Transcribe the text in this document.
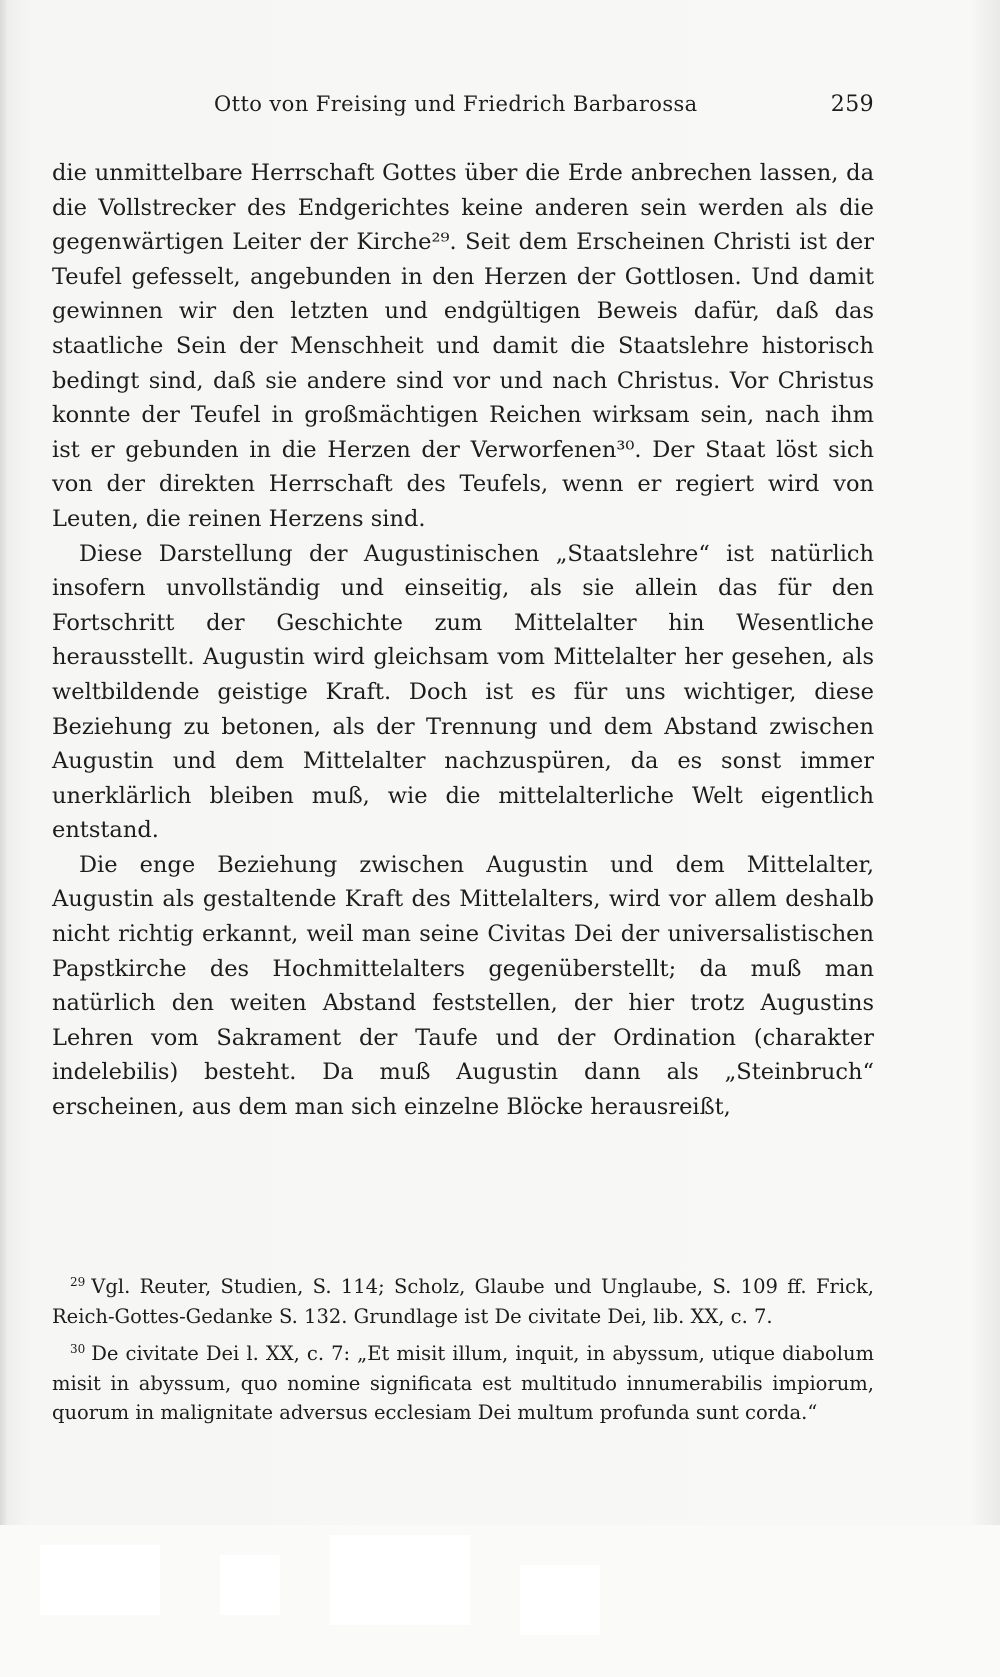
Otto von Freising und Friedrich Barbarossa	259

die unmittelbare Herrschaft Gottes über die Erde anbrechen lassen, da die Vollstrecker des Endgerichtes keine anderen sein werden als die gegenwärtigen Leiter der Kirche²⁹. Seit dem Erscheinen Christi ist der Teufel gefesselt, angebunden in den Herzen der Gottlosen. Und damit gewinnen wir den letzten und endgültigen Beweis dafür, daß das staatliche Sein der Menschheit und damit die Staatslehre historisch bedingt sind, daß sie andere sind vor und nach Christus. Vor Christus konnte der Teufel in großmächtigen Reichen wirksam sein, nach ihm ist er gebunden in die Herzen der Verworfenen³⁰. Der Staat löst sich von der direkten Herrschaft des Teufels, wenn er regiert wird von Leuten, die reinen Herzens sind.

Diese Darstellung der Augustinischen „Staatslehre“ ist natürlich insofern unvollständig und einseitig, als sie allein das für den Fortschritt der Geschichte zum Mittelalter hin Wesentliche herausstellt. Augustin wird gleichsam vom Mittelalter her gesehen, als weltbildende geistige Kraft. Doch ist es für uns wichtiger, diese Beziehung zu betonen, als der Trennung und dem Abstand zwischen Augustin und dem Mittelalter nachzuspüren, da es sonst immer unerklärlich bleiben muß, wie die mittelalterliche Welt eigentlich entstand.

Die enge Beziehung zwischen Augustin und dem Mittelalter, Augustin als gestaltende Kraft des Mittelalters, wird vor allem deshalb nicht richtig erkannt, weil man seine Civitas Dei der universalistischen Papstkirche des Hochmittelalters gegenüberstellt; da muß man natürlich den weiten Abstand feststellen, der hier trotz Augustins Lehren vom Sakrament der Taufe und der Ordination (charakter indelebilis) besteht. Da muß Augustin dann als „Steinbruch“ erscheinen, aus dem man sich einzelne Blöcke herausreißt,

$^{29}$ Vgl. Reuter, Studien, S. 114; Scholz, Glaube und Unglaube, S. 109 ff. Frick, Reich-Gottes-Gedanke S. 132. Grundlage ist De civitate Dei, lib. XX, c. 7.

$^{30}$ De civitate Dei l. XX, c. 7: „Et misit illum, inquit, in abyssum, utique diabolum misit in abyssum, quo nomine significata est multitudo innumerabilis impiorum, quorum in malignitate adversus ecclesiam Dei multum profunda sunt corda.“
